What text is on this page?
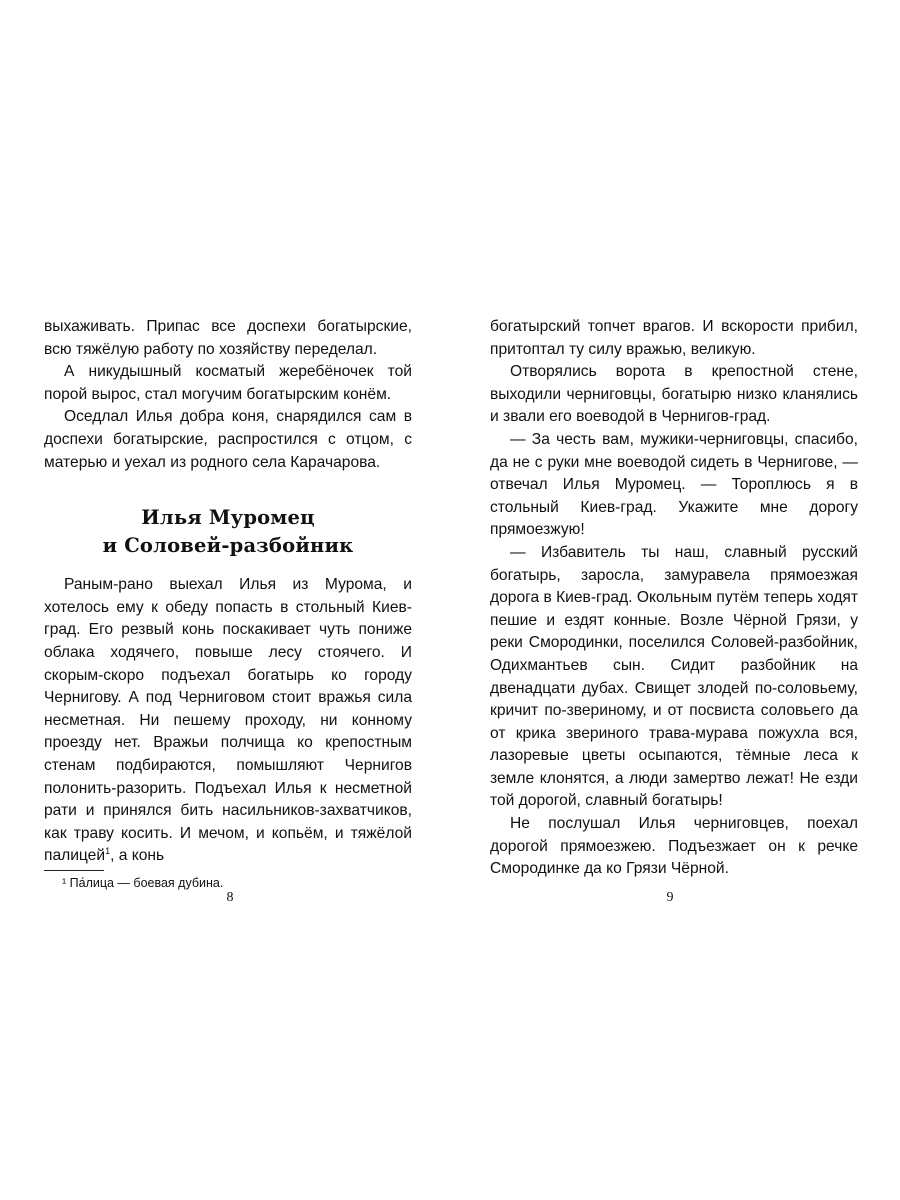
выхаживать. Припас все доспехи богатырские, всю тяжёлую работу по хозяйству переделал.

А никудышный косматый жеребёночек той порой вырос, стал могучим богатырским конём.

Оседлал Илья добра коня, снарядился сам в доспехи богатырские, распростился с отцом, с матерью и уехал из родного села Карачарова.

Илья Муромец
и Соловей-разбойник

Раным-рано выехал Илья из Мурома, и хотелось ему к обеду попасть в стольный Киев-град. Его резвый конь поскакивает чуть пониже облака ходячего, повыше лесу стоячего. И скорым-скоро подъехал богатырь ко городу Чернигову. А под Черниговом стоит вражья сила несметная. Ни пешему проходу, ни конному проезду нет. Вражьи полчища ко крепостным стенам подбираются, помышляют Чернигов полонить-разорить. Подъехал Илья к несметной рати и принялся бить насильников-захватчиков, как траву косить. И мечом, и копьём, и тяжёлой палицей$^1$, а конь

¹ Па́лица — боевая дубина.

богатырский топчет врагов. И вскорости прибил, притоптал ту силу вражью, великую.

Отворялись ворота в крепостной стене, выходили черниговцы, богатырю низко кланялись и звали его воеводой в Чернигов-град.

— За честь вам, мужики-черниговцы, спасибо, да не с руки мне воеводой сидеть в Чернигове, — отвечал Илья Муромец. — Тороплюсь я в стольный Киев-град. Укажите мне дорогу прямоезжую!

— Избавитель ты наш, славный русский богатырь, заросла, замуравела прямоезжая дорога в Киев-град. Окольным путём теперь ходят пешие и ездят конные. Возле Чёрной Грязи, у реки Смородинки, поселился Соловей-разбойник, Одихмантьев сын. Сидит разбойник на двенадцати дубах. Свищет злодей по-соловьему, кричит по-звериному, и от посвиста соловьего да от крика звериного трава-мурава пожухла вся, лазоревые цветы осыпаются, тёмные леса к земле клонятся, а люди замертво лежат! Не езди той дорогой, славный богатырь!

Не послушал Илья черниговцев, поехал дорогой прямоезжею. Подъезжает он к речке Смородинке да ко Грязи Чёрной.

8	9
